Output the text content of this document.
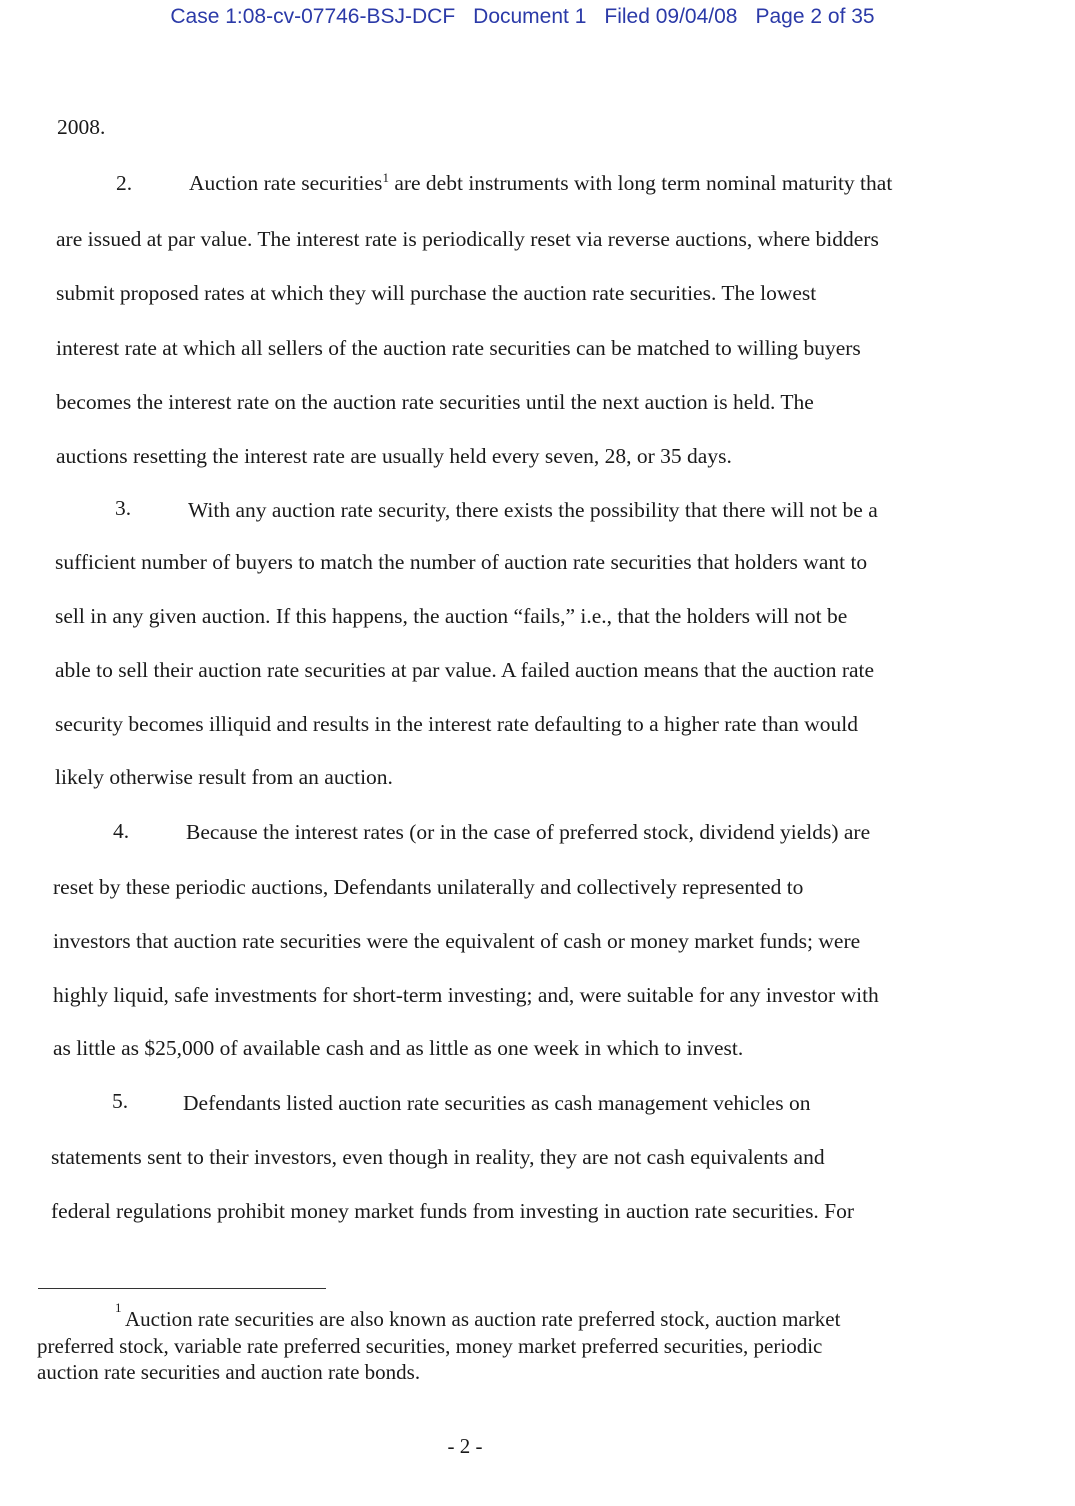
Case 1:08-cv-07746-BSJ-DCF Document 1 Filed 09/04/08 Page 2 of 35
2008.
2.	Auction rate securities$^1$ are debt instruments with long term nominal maturity that
are issued at par value. The interest rate is periodically reset via reverse auctions, where bidders
submit proposed rates at which they will purchase the auction rate securities. The lowest
interest rate at which all sellers of the auction rate securities can be matched to willing buyers
becomes the interest rate on the auction rate securities until the next auction is held. The
auctions resetting the interest rate are usually held every seven, 28, or 35 days.
3.	With any auction rate security, there exists the possibility that there will not be a
sufficient number of buyers to match the number of auction rate securities that holders want to
sell in any given auction. If this happens, the auction “fails,” i.e., that the holders will not be
able to sell their auction rate securities at par value. A failed auction means that the auction rate
security becomes illiquid and results in the interest rate defaulting to a higher rate than would
likely otherwise result from an auction.
4.	Because the interest rates (or in the case of preferred stock, dividend yields) are
reset by these periodic auctions, Defendants unilaterally and collectively represented to
investors that auction rate securities were the equivalent of cash or money market funds; were
highly liquid, safe investments for short-term investing; and, were suitable for any investor with
as little as $25,000 of available cash and as little as one week in which to invest.
5.	Defendants listed auction rate securities as cash management vehicles on
statements sent to their investors, even though in reality, they are not cash equivalents and
federal regulations prohibit money market funds from investing in auction rate securities. For
1 Auction rate securities are also known as auction rate preferred stock, auction market
preferred stock, variable rate preferred securities, money market preferred securities, periodic
auction rate securities and auction rate bonds.
- 2 -
